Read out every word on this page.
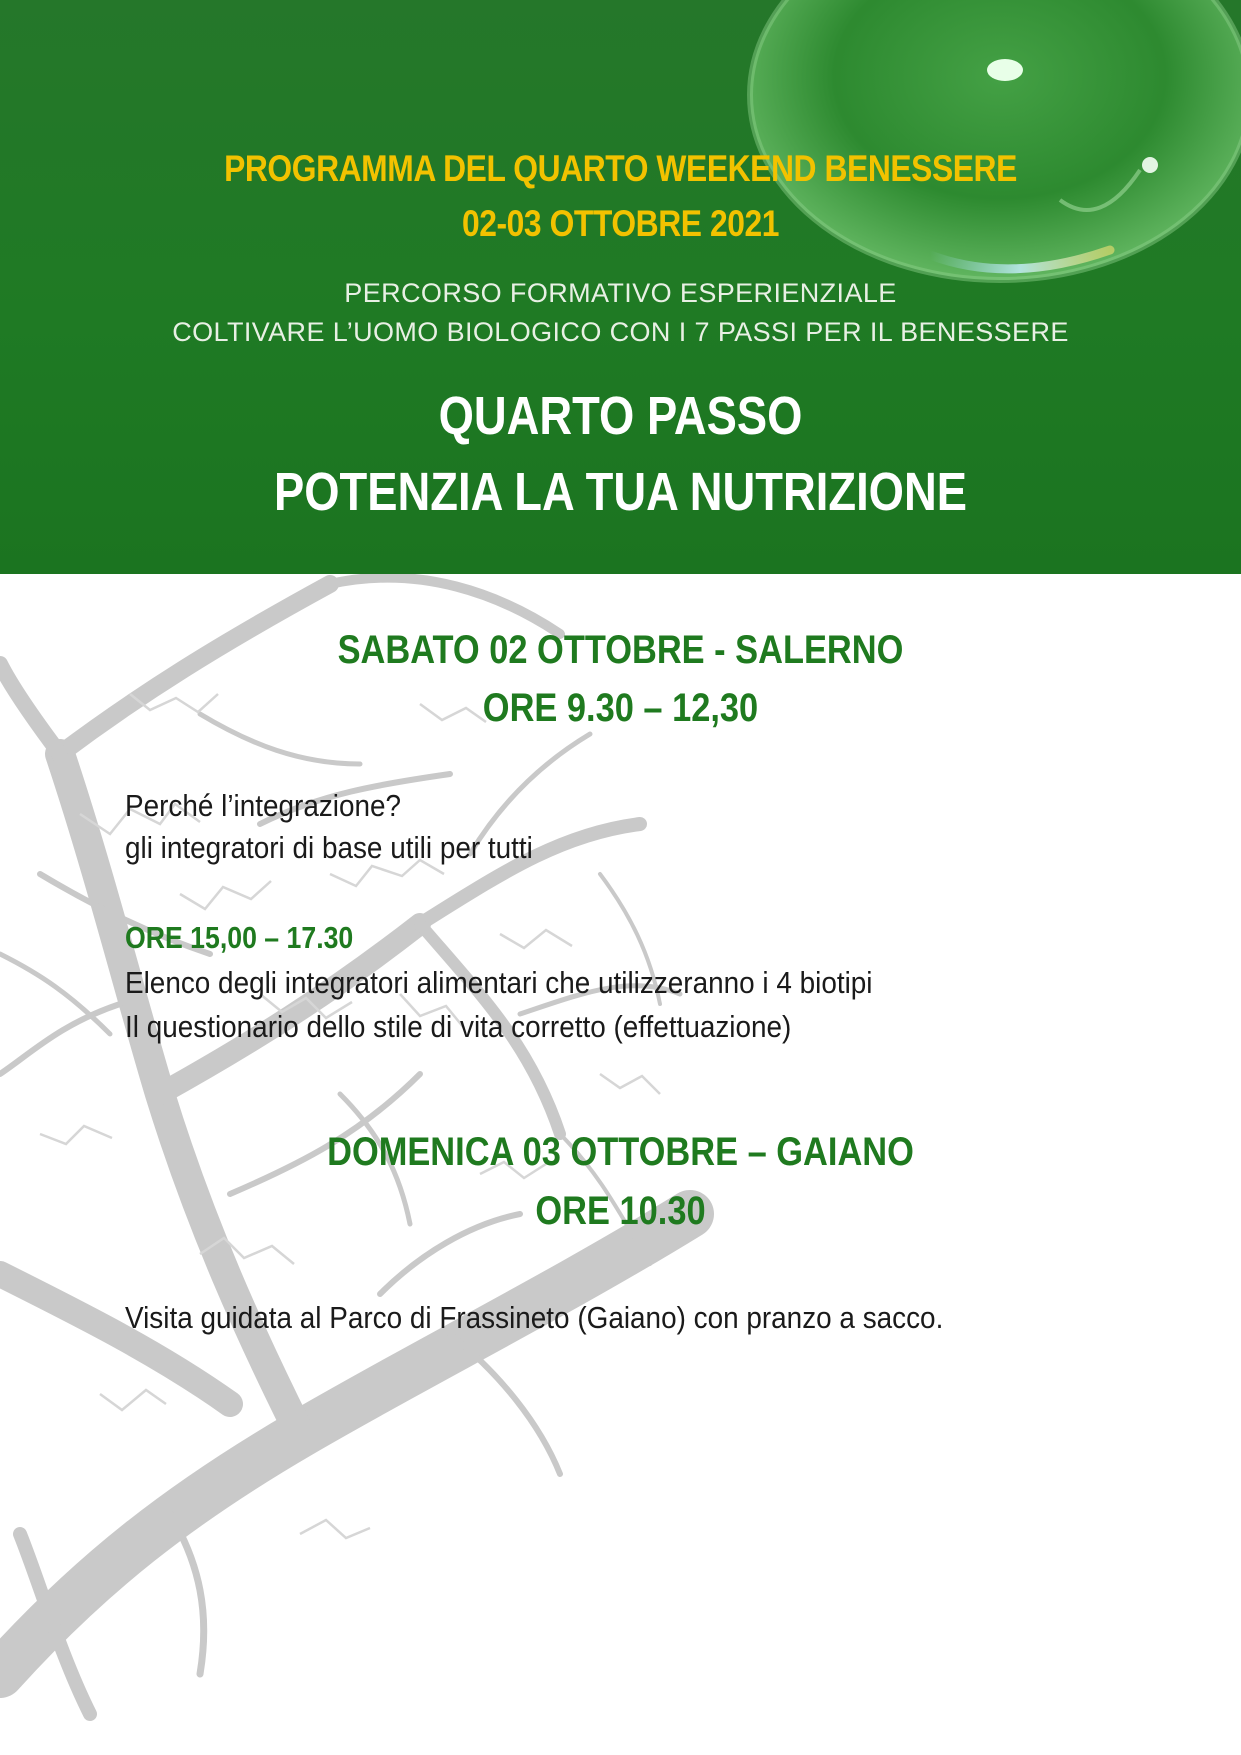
PROGRAMMA DEL QUARTO WEEKEND BENESSERE
02-03 OTTOBRE 2021
PERCORSO FORMATIVO ESPERIENZIALE
COLTIVARE L’UOMO BIOLOGICO CON I 7 PASSI PER IL BENESSERE
QUARTO PASSO
POTENZIA LA TUA NUTRIZIONE
SABATO 02 OTTOBRE - SALERNO
ORE 9.30 – 12,30
Perché l’integrazione?
gli integratori di base utili per tutti
ORE 15,00 – 17.30
Elenco degli integratori alimentari che utilizzeranno i 4 biotipi
Il questionario dello stile di vita corretto (effettuazione)
DOMENICA 03 OTTOBRE – GAIANO
ORE 10.30
Visita guidata al Parco di Frassineto (Gaiano) con pranzo a sacco.
